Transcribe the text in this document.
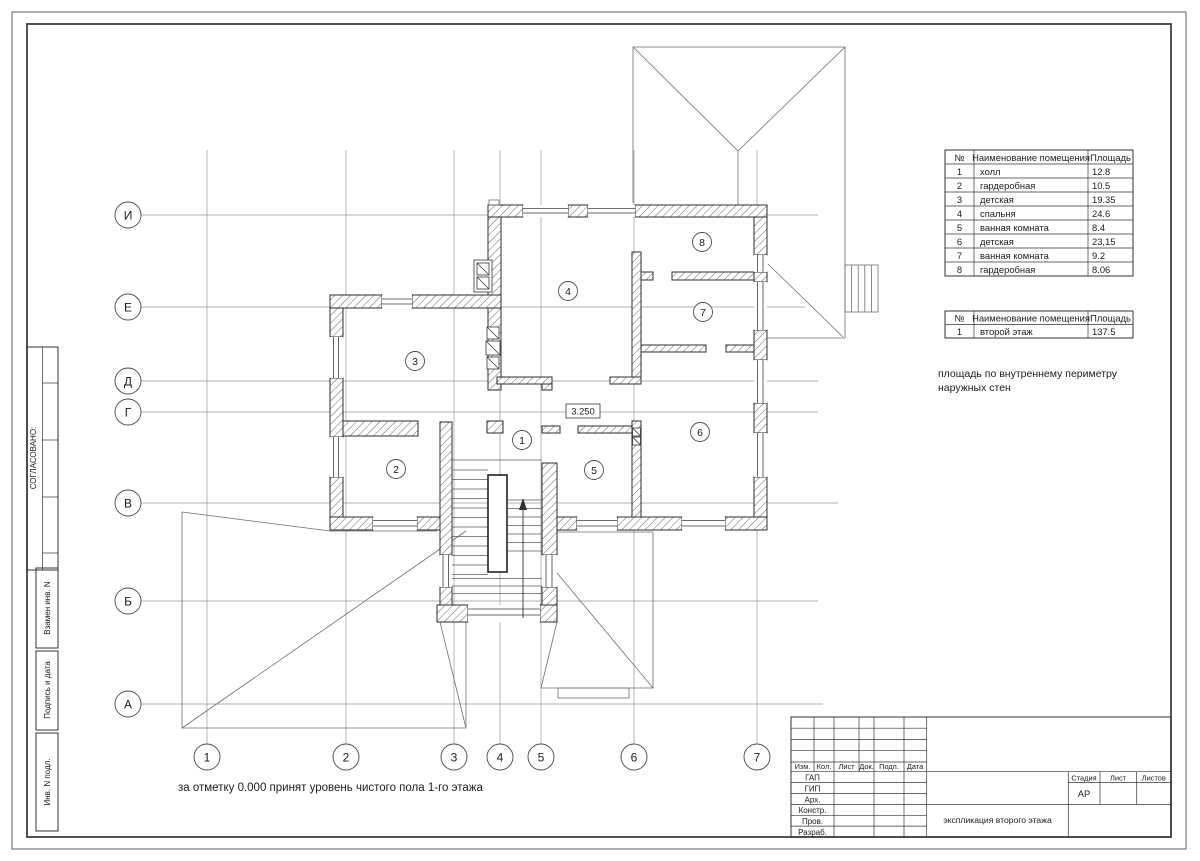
СОГЛАСОВАНО:
Взамен инв. N
Подпись и дата
Инв. N подл.
3.250
1
2
3
4
5
6
7
8
1	2	3	4	5	6	7
И
Е
Д
Г
В
Б
А
№ Наименование помещения Площадь
1 холл	12.8
2 гардеробная	10.5
3 детская	19.35
4 спальня	24.6
5 ванная комната	8.4
6 детская	23,15
7 ванная комната	9.2
8 гардеробная	8.06
№ Наименование помещения Площадь
1 второй этаж	137.5
площадь по внутреннему периметру
наружных стен
за отметку 0.000 принят уровень чистого пола 1-го этажа
Изм. Кол. Лист Док. Подп. Дата
ГАП
ГИП
Арх.
Констр.
Пров.
Разраб.
Стадия Лист Листов
АР
экспликация второго этажа
